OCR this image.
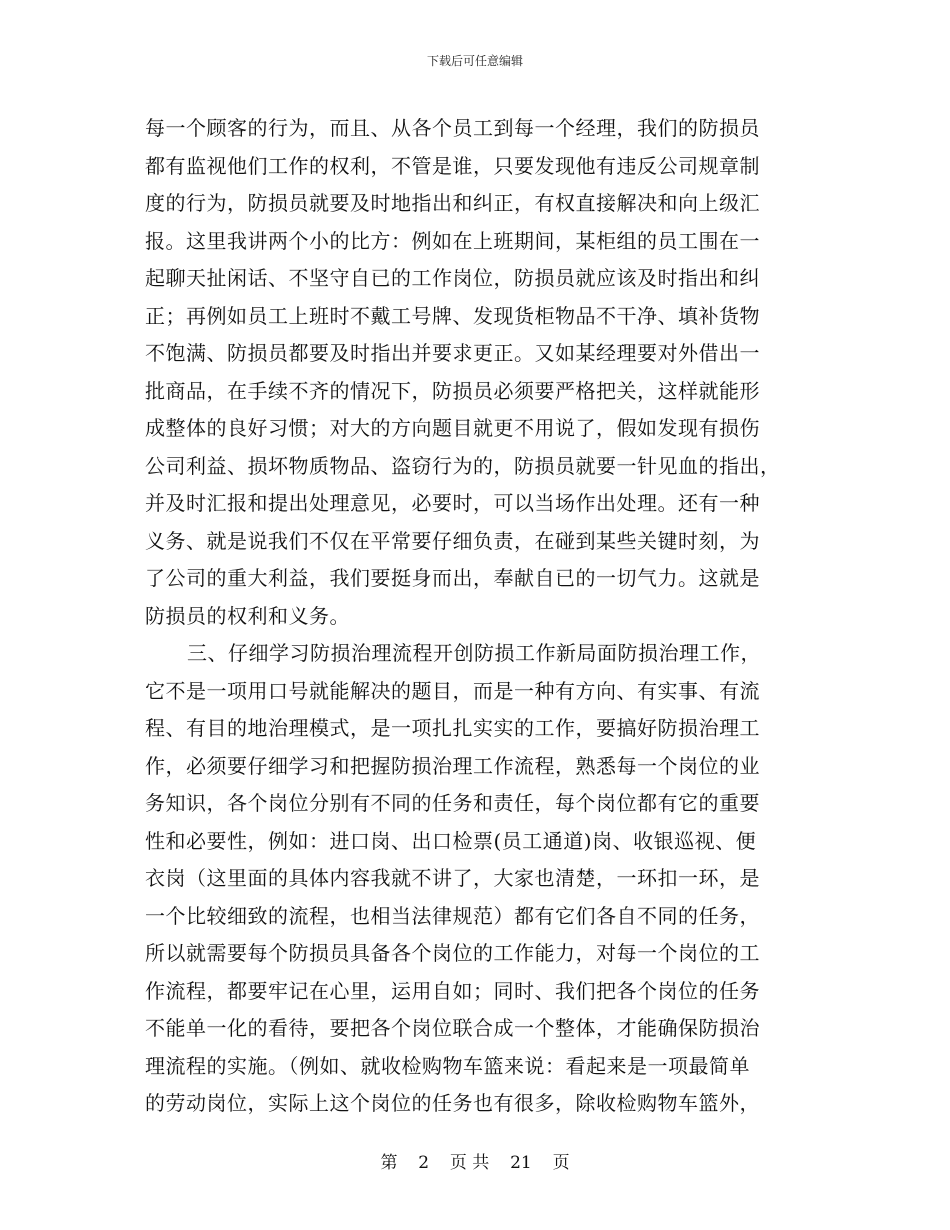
下载后可任意编辑
每一个顾客的行为，而且、从各个员工到每一个经理，我们的防损员
都有监视他们工作的权利，不管是谁，只要发现他有违反公司规章制
度的行为，防损员就要及时地指出和纠正，有权直接解决和向上级汇
报。这里我讲两个小的比方：例如在上班期间，某柜组的员工围在一
起聊天扯闲话、不坚守自已的工作岗位，防损员就应该及时指出和纠
正；再例如员工上班时不戴工号牌、发现货柜物品不干净、填补货物
不饱满、防损员都要及时指出并要求更正。又如某经理要对外借出一
批商品，在手续不齐的情况下，防损员必须要严格把关，这样就能形
成整体的良好习惯；对大的方向题目就更不用说了，假如发现有损伤
公司利益、损坏物质物品、盗窃行为的，防损员就要一针见血的指出，
并及时汇报和提出处理意见，必要时，可以当场作出处理。还有一种
义务、就是说我们不仅在平常要仔细负责，在碰到某些关键时刻，为
了公司的重大利益，我们要挺身而出，奉献自已的一切气力。这就是
防损员的权利和义务。
三、仔细学习防损治理流程开创防损工作新局面防损治理工作，
它不是一项用口号就能解决的题目，而是一种有方向、有实事、有流
程、有目的地治理模式，是一项扎扎实实的工作，要搞好防损治理工
作，必须要仔细学习和把握防损治理工作流程，熟悉每一个岗位的业
务知识，各个岗位分别有不同的任务和责任，每个岗位都有它的重要
性和必要性，例如：进口岗、出口检票(员工通道)岗、收银巡视、便
衣岗（这里面的具体内容我就不讲了，大家也清楚，一环扣一环，是
一个比较细致的流程，也相当法律规范）都有它们各自不同的任务，
所以就需要每个防损员具备各个岗位的工作能力，对每一个岗位的工
作流程，都要牢记在心里，运用自如；同时、我们把各个岗位的任务
不能单一化的看待，要把各个岗位联合成一个整体，才能确保防损治
理流程的实施。（例如、就收检购物车篮来说：看起来是一项最简单
的劳动岗位，实际上这个岗位的任务也有很多，除收检购物车篮外，
第 2 页 共 21 页
